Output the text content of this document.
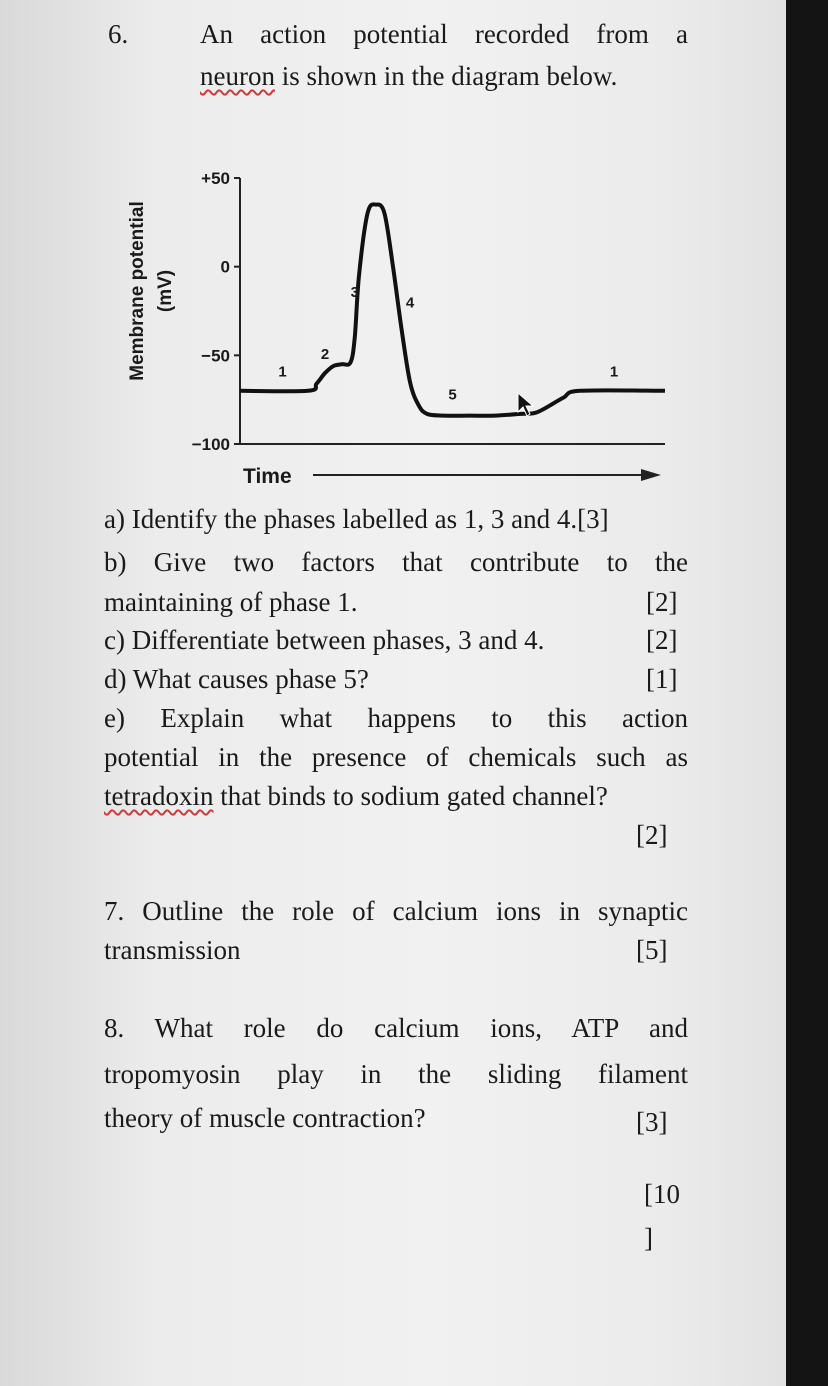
6.	An action potential recorded from a
neuron is shown in the diagram below.
+50
0
−50
−100
Membrane potential (mV)
Time
1
2
3
4
5
1
a) Identify the phases labelled as 1, 3 and 4.[3]
b) Give two factors that contribute to the
maintaining of phase 1.	[2]
c) Differentiate between phases, 3 and 4.	[2]
d) What causes phase 5?	[1]
e) Explain what happens to this action
potential in the presence of chemicals such as
tetradoxin that binds to sodium gated channel?
[2]
7. Outline the role of calcium ions in synaptic
transmission	[5]
8. What role do calcium ions, ATP and
tropomyosin play in the sliding filament
theory of muscle contraction?	[3]
[10
]
